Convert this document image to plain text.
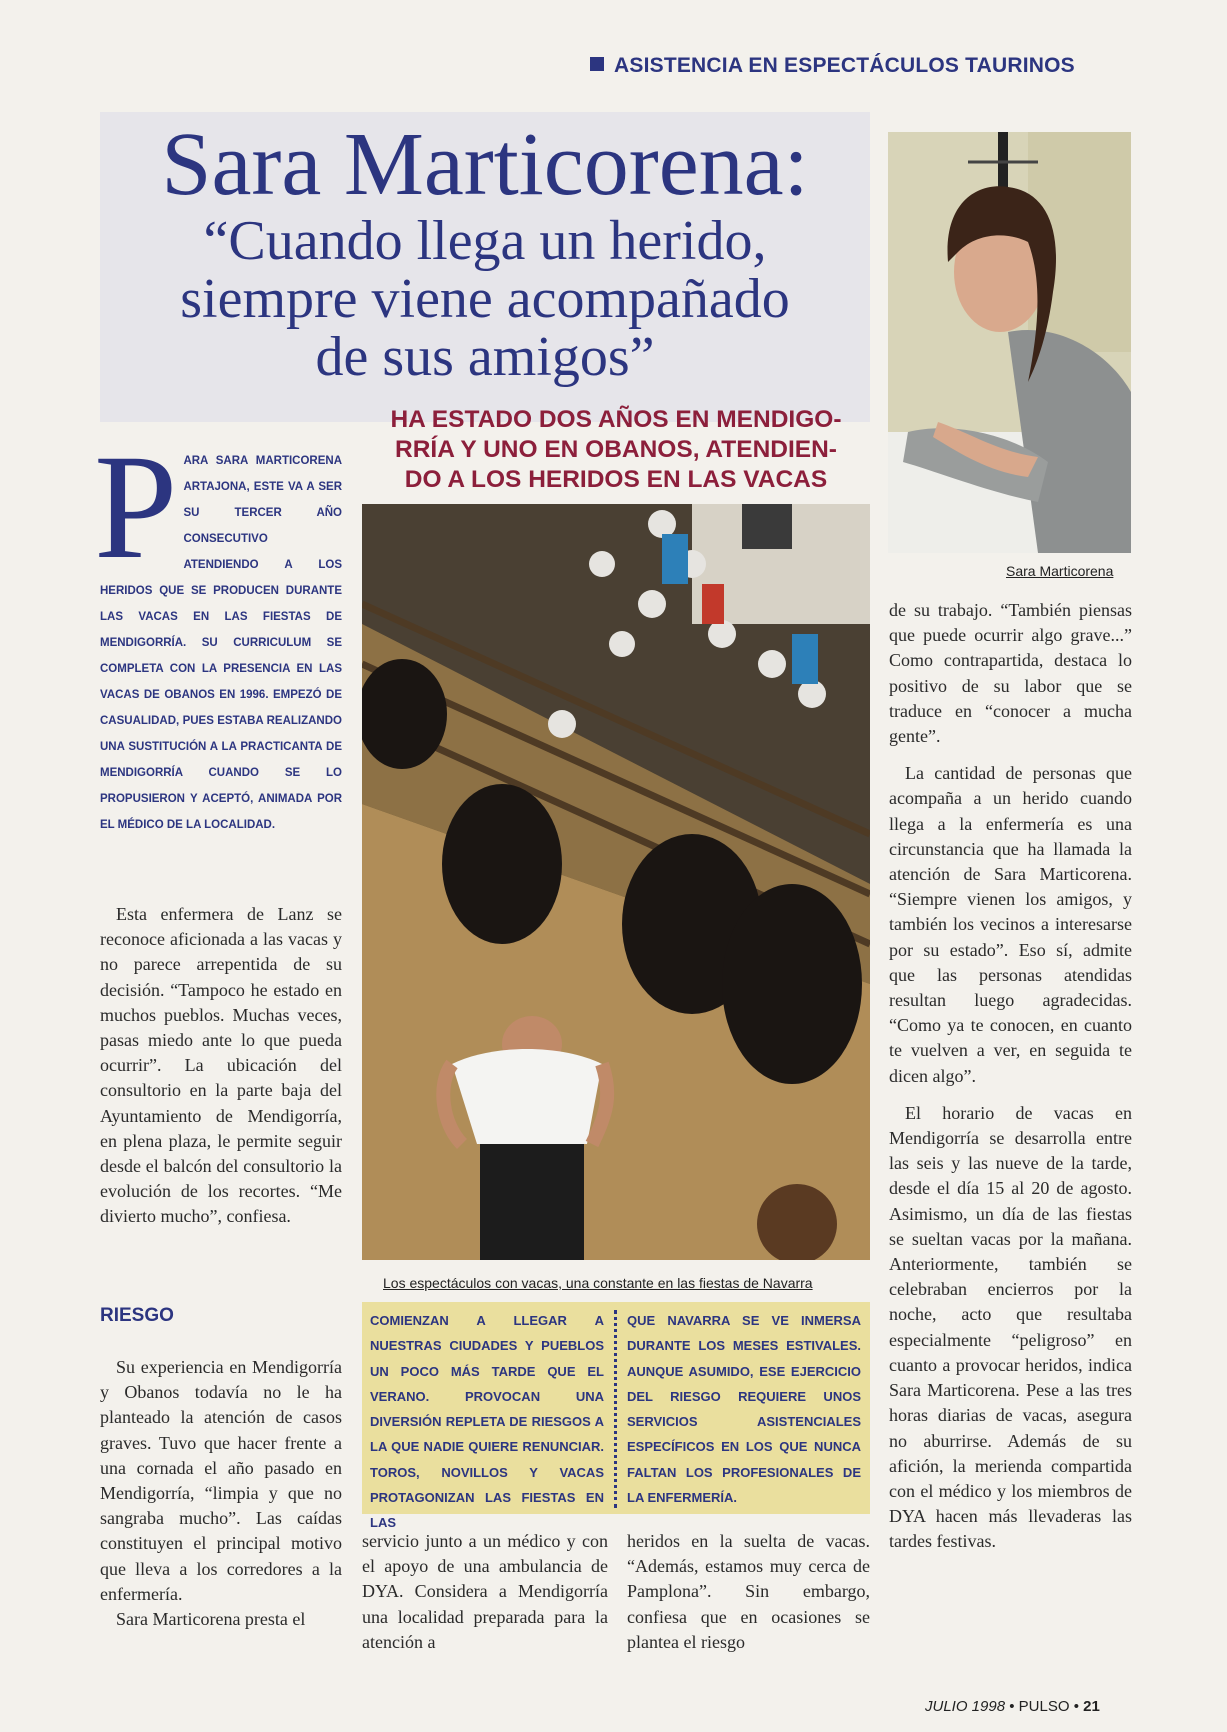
ASISTENCIA EN ESPECTÁCULOS TAURINOS
Sara Marticorena:
“Cuando llega un herido,
siempre viene acompañado
de sus amigos”
HA ESTADO DOS AÑOS EN MENDIGO-
RRÍA Y UNO EN OBANOS, ATENDIEN-
DO A LOS HERIDOS EN LAS VACAS
Sara Marticorena
Los espectáculos con vacas, una constante en las fiestas de Navarra
PARA SARA MARTICORENA ARTAJONA, ESTE VA A SER SU TERCER AÑO CONSECUTIVO ATENDIENDO A LOS HERIDOS QUE SE PRODUCEN DURANTE LAS VACAS EN LAS FIESTAS DE MENDIGORRÍA. SU CURRICULUM SE COMPLETA CON LA PRESENCIA EN LAS VACAS DE OBANOS EN 1996. EMPEZÓ DE CASUALIDAD, PUES ESTABA REALIZANDO UNA SUSTITUCIÓN A LA PRACTICANTA DE MENDIGORRÍA CUANDO SE LO PROPUSIERON Y ACEPTÓ, ANIMADA POR EL MÉDICO DE LA LOCALIDAD.

Esta enfermera de Lanz se reconoce aficionada a las vacas y no parece arrepentida de su decisión. “Tampoco he estado en muchos pueblos. Muchas veces, pasas miedo ante lo que pueda ocurrir”. La ubicación del consultorio en la parte baja del Ayuntamiento de Mendigorría, en plena plaza, le permite seguir desde el balcón del consultorio la evolución de los recortes. “Me divierto mucho”, confiesa.

RIESGO

Su experiencia en Mendigorría y Obanos todavía no le ha planteado la atención de casos graves. Tuvo que hacer frente a una cornada el año pasado en Mendigorría, “limpia y que no sangraba mucho”. Las caídas constituyen el principal motivo que lleva a los corredores a la enfermería.

Sara Marticorena presta el

COMIENZAN A LLEGAR A NUESTRAS CIUDADES Y PUEBLOS UN POCO MÁS TARDE QUE EL VERANO. PROVOCAN UNA DIVERSIÓN REPLETA DE RIESGOS A LA QUE NADIE QUIERE RENUNCIAR. TOROS, NOVILLOS Y VACAS PROTAGONIZAN LAS FIESTAS EN LAS
QUE NAVARRA SE VE INMERSA DURANTE LOS MESES ESTIVALES. AUNQUE ASUMIDO, ESE EJERCICIO DEL RIESGO REQUIERE UNOS SERVICIOS ASISTENCIALES ESPECÍFICOS EN LOS QUE NUNCA FALTAN LOS PROFESIONALES DE LA ENFERMERÍA.

servicio junto a un médico y con el apoyo de una ambulancia de DYA. Considera a Mendigorría una localidad preparada para la atención a

heridos en la suelta de vacas. “Además, estamos muy cerca de Pamplona”. Sin embargo, confiesa que en ocasiones se plantea el riesgo

de su trabajo. “También piensas que puede ocurrir algo grave...” Como contrapartida, destaca lo positivo de su labor que se traduce en “conocer a mucha gente”.

La cantidad de personas que acompaña a un herido cuando llega a la enfermería es una circunstancia que ha llamada la atención de Sara Marticorena. “Siempre vienen los amigos, y también los vecinos a interesarse por su estado”. Eso sí, admite que las personas atendidas resultan luego agradecidas. “Como ya te conocen, en cuanto te vuelven a ver, en seguida te dicen algo”.

El horario de vacas en Mendigorría se desarrolla entre las seis y las nueve de la tarde, desde el día 15 al 20 de agosto. Asimismo, un día de las fiestas se sueltan vacas por la mañana. Anteriormente, también se celebraban encierros por la noche, acto que resultaba especialmente “peligroso” en cuanto a provocar heridos, indica Sara Marticorena. Pese a las tres horas diarias de vacas, asegura no aburrirse. Además de su afición, la merienda compartida con el médico y los miembros de DYA hacen más llevaderas las tardes festivas.

JULIO 1998 • PULSO • 21
